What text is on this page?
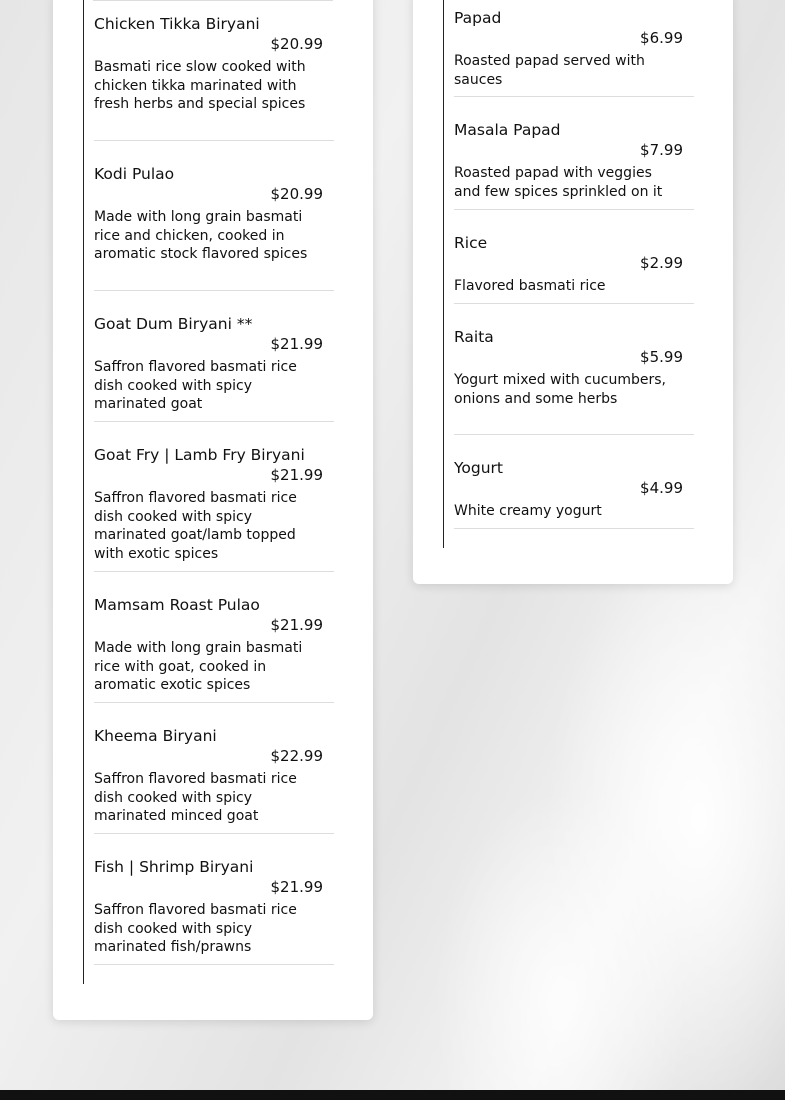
Chicken Tikka Biryani
$20.99
Basmati rice slow cooked with chicken tikka marinated with fresh herbs and special spices
Kodi Pulao
$20.99
Made with long grain basmati rice and chicken, cooked in aromatic stock flavored spices
Goat Dum Biryani **
$21.99
Saffron flavored basmati rice dish cooked with spicy marinated goat
Goat Fry | Lamb Fry Biryani
$21.99
Saffron flavored basmati rice dish cooked with spicy marinated goat/lamb topped with exotic spices
Mamsam Roast Pulao
$21.99
Made with long grain basmati rice with goat, cooked in aromatic exotic spices
Kheema Biryani
$22.99
Saffron flavored basmati rice dish cooked with spicy marinated minced goat
Fish | Shrimp Biryani
$21.99
Saffron flavored basmati rice dish cooked with spicy marinated fish/prawns
Papad
$6.99
Roasted papad served with sauces
Masala Papad
$7.99
Roasted papad with veggies and few spices sprinkled on it
Rice
$2.99
Flavored basmati rice
Raita
$5.99
Yogurt mixed with cucumbers, onions and some herbs
Yogurt
$4.99
White creamy yogurt
